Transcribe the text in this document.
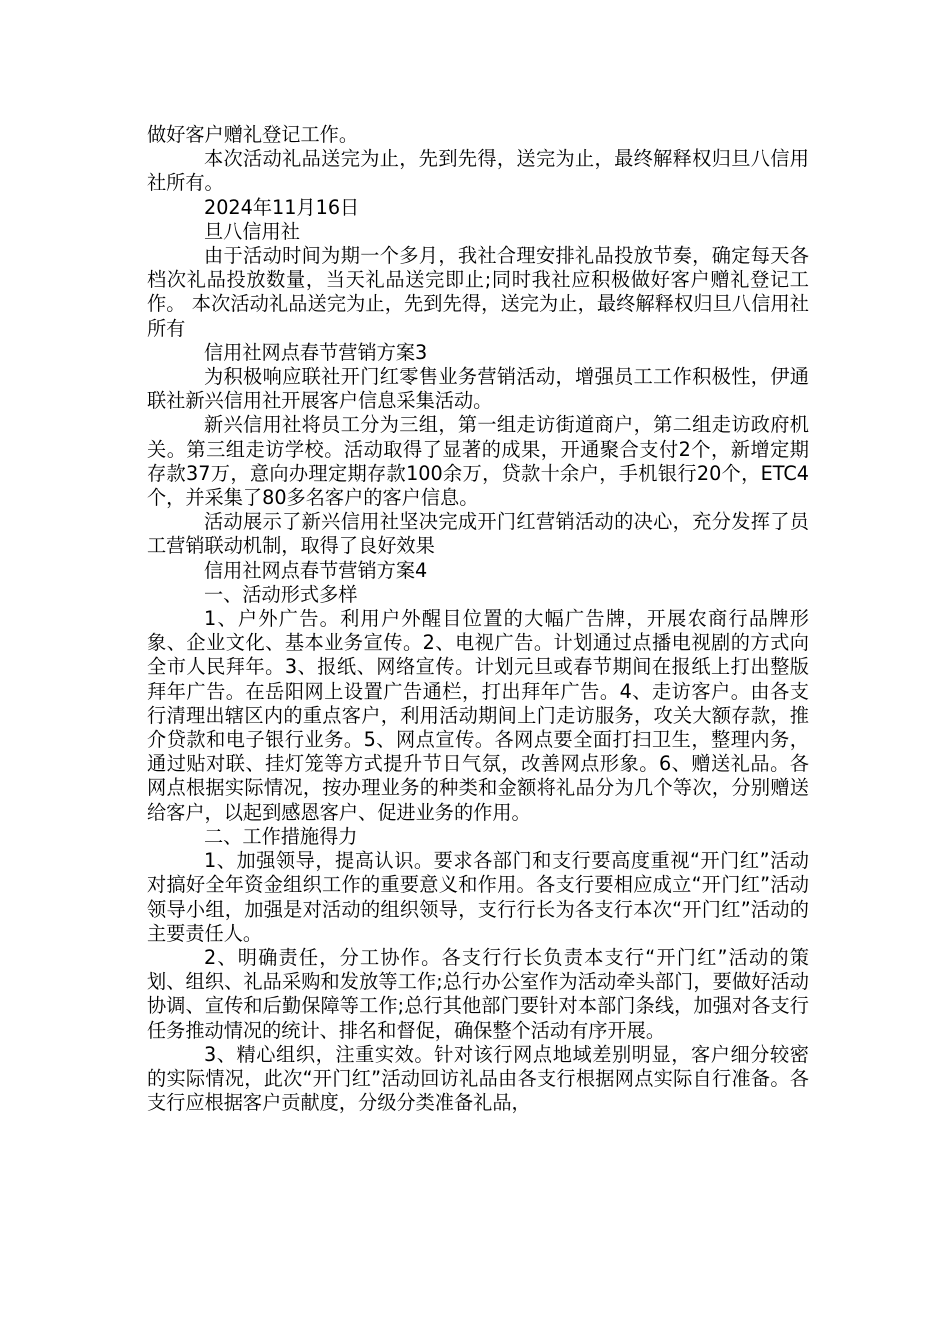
做好客户赠礼登记工作。

本次活动礼品送完为止，先到先得，送完为止，最终解释权归旦八信用社所有。

2024年11月16日

旦八信用社

由于活动时间为期一个多月，我社合理安排礼品投放节奏，确定每天各档次礼品投放数量，当天礼品送完即止;同时我社应积极做好客户赠礼登记工作。 本次活动礼品送完为止，先到先得，送完为止，最终解释权归旦八信用社所有

信用社网点春节营销方案3

为积极响应联社开门红零售业务营销活动，增强员工工作积极性，伊通联社新兴信用社开展客户信息采集活动。

新兴信用社将员工分为三组，第一组走访街道商户，第二组走访政府机关。第三组走访学校。活动取得了显著的成果，开通聚合支付2个，新增定期存款37万，意向办理定期存款100余万，贷款十余户，手机银行20个，ETC4个，并采集了80多名客户的客户信息。

活动展示了新兴信用社坚决完成开门红营销活动的决心，充分发挥了员工营销联动机制，取得了良好效果

信用社网点春节营销方案4

一、活动形式多样

1、户外广告。利用户外醒目位置的大幅广告牌，开展农商行品牌形象、企业文化、基本业务宣传。2、电视广告。计划通过点播电视剧的方式向全市人民拜年。3、报纸、网络宣传。计划元旦或春节期间在报纸上打出整版拜年广告。在岳阳网上设置广告通栏，打出拜年广告。4、走访客户。由各支行清理出辖区内的重点客户，利用活动期间上门走访服务，攻关大额存款，推介贷款和电子银行业务。5、网点宣传。各网点要全面打扫卫生，整理内务，通过贴对联、挂灯笼等方式提升节日气氛，改善网点形象。6、赠送礼品。各网点根据实际情况，按办理业务的种类和金额将礼品分为几个等次，分别赠送给客户，以起到感恩客户、促进业务的作用。

二、工作措施得力

1、加强领导，提高认识。要求各部门和支行要高度重视“开门红”活动对搞好全年资金组织工作的重要意义和作用。各支行要相应成立“开门红”活动领导小组，加强是对活动的组织领导，支行行长为各支行本次“开门红”活动的主要责任人。

2、明确责任，分工协作。各支行行长负责本支行“开门红”活动的策划、组织、礼品采购和发放等工作;总行办公室作为活动牵头部门，要做好活动协调、宣传和后勤保障等工作;总行其他部门要针对本部门条线，加强对各支行任务推动情况的统计、排名和督促，确保整个活动有序开展。

3、精心组织，注重实效。针对该行网点地域差别明显，客户细分较密的实际情况，此次“开门红”活动回访礼品由各支行根据网点实际自行准备。各支行应根据客户贡献度，分级分类准备礼品，
